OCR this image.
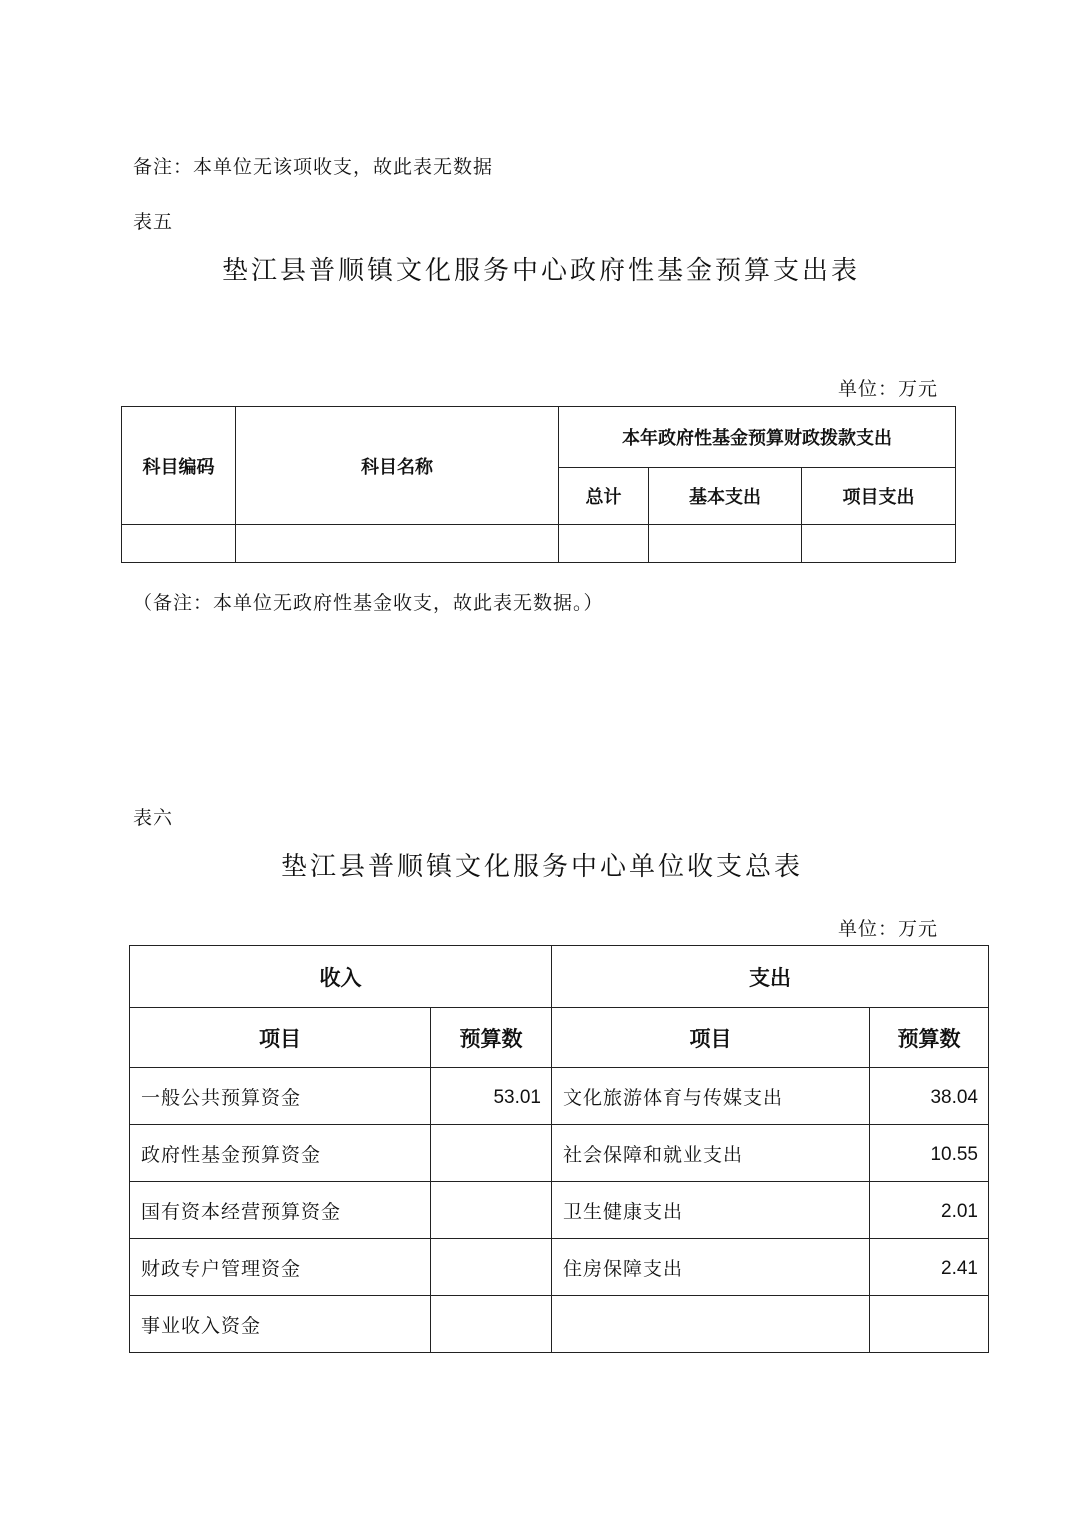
备注：本单位无该项收支，故此表无数据
表五
垫江县普顺镇文化服务中心政府性基金预算支出表
单位：万元
科目编码	科目名称	本年政府性基金预算财政拨款支出		
		总计	基本支出	项目支出

（备注：本单位无政府性基金收支，故此表无数据。）
表六
垫江县普顺镇文化服务中心单位收支总表
单位：万元
收入		支出	
项目	预算数	项目	预算数
一般公共预算资金	53.01	文化旅游体育与传媒支出	38.04
政府性基金预算资金		社会保障和就业支出	10.55
国有资本经营预算资金		卫生健康支出	2.01
财政专户管理资金		住房保障支出	2.41
事业收入资金			
